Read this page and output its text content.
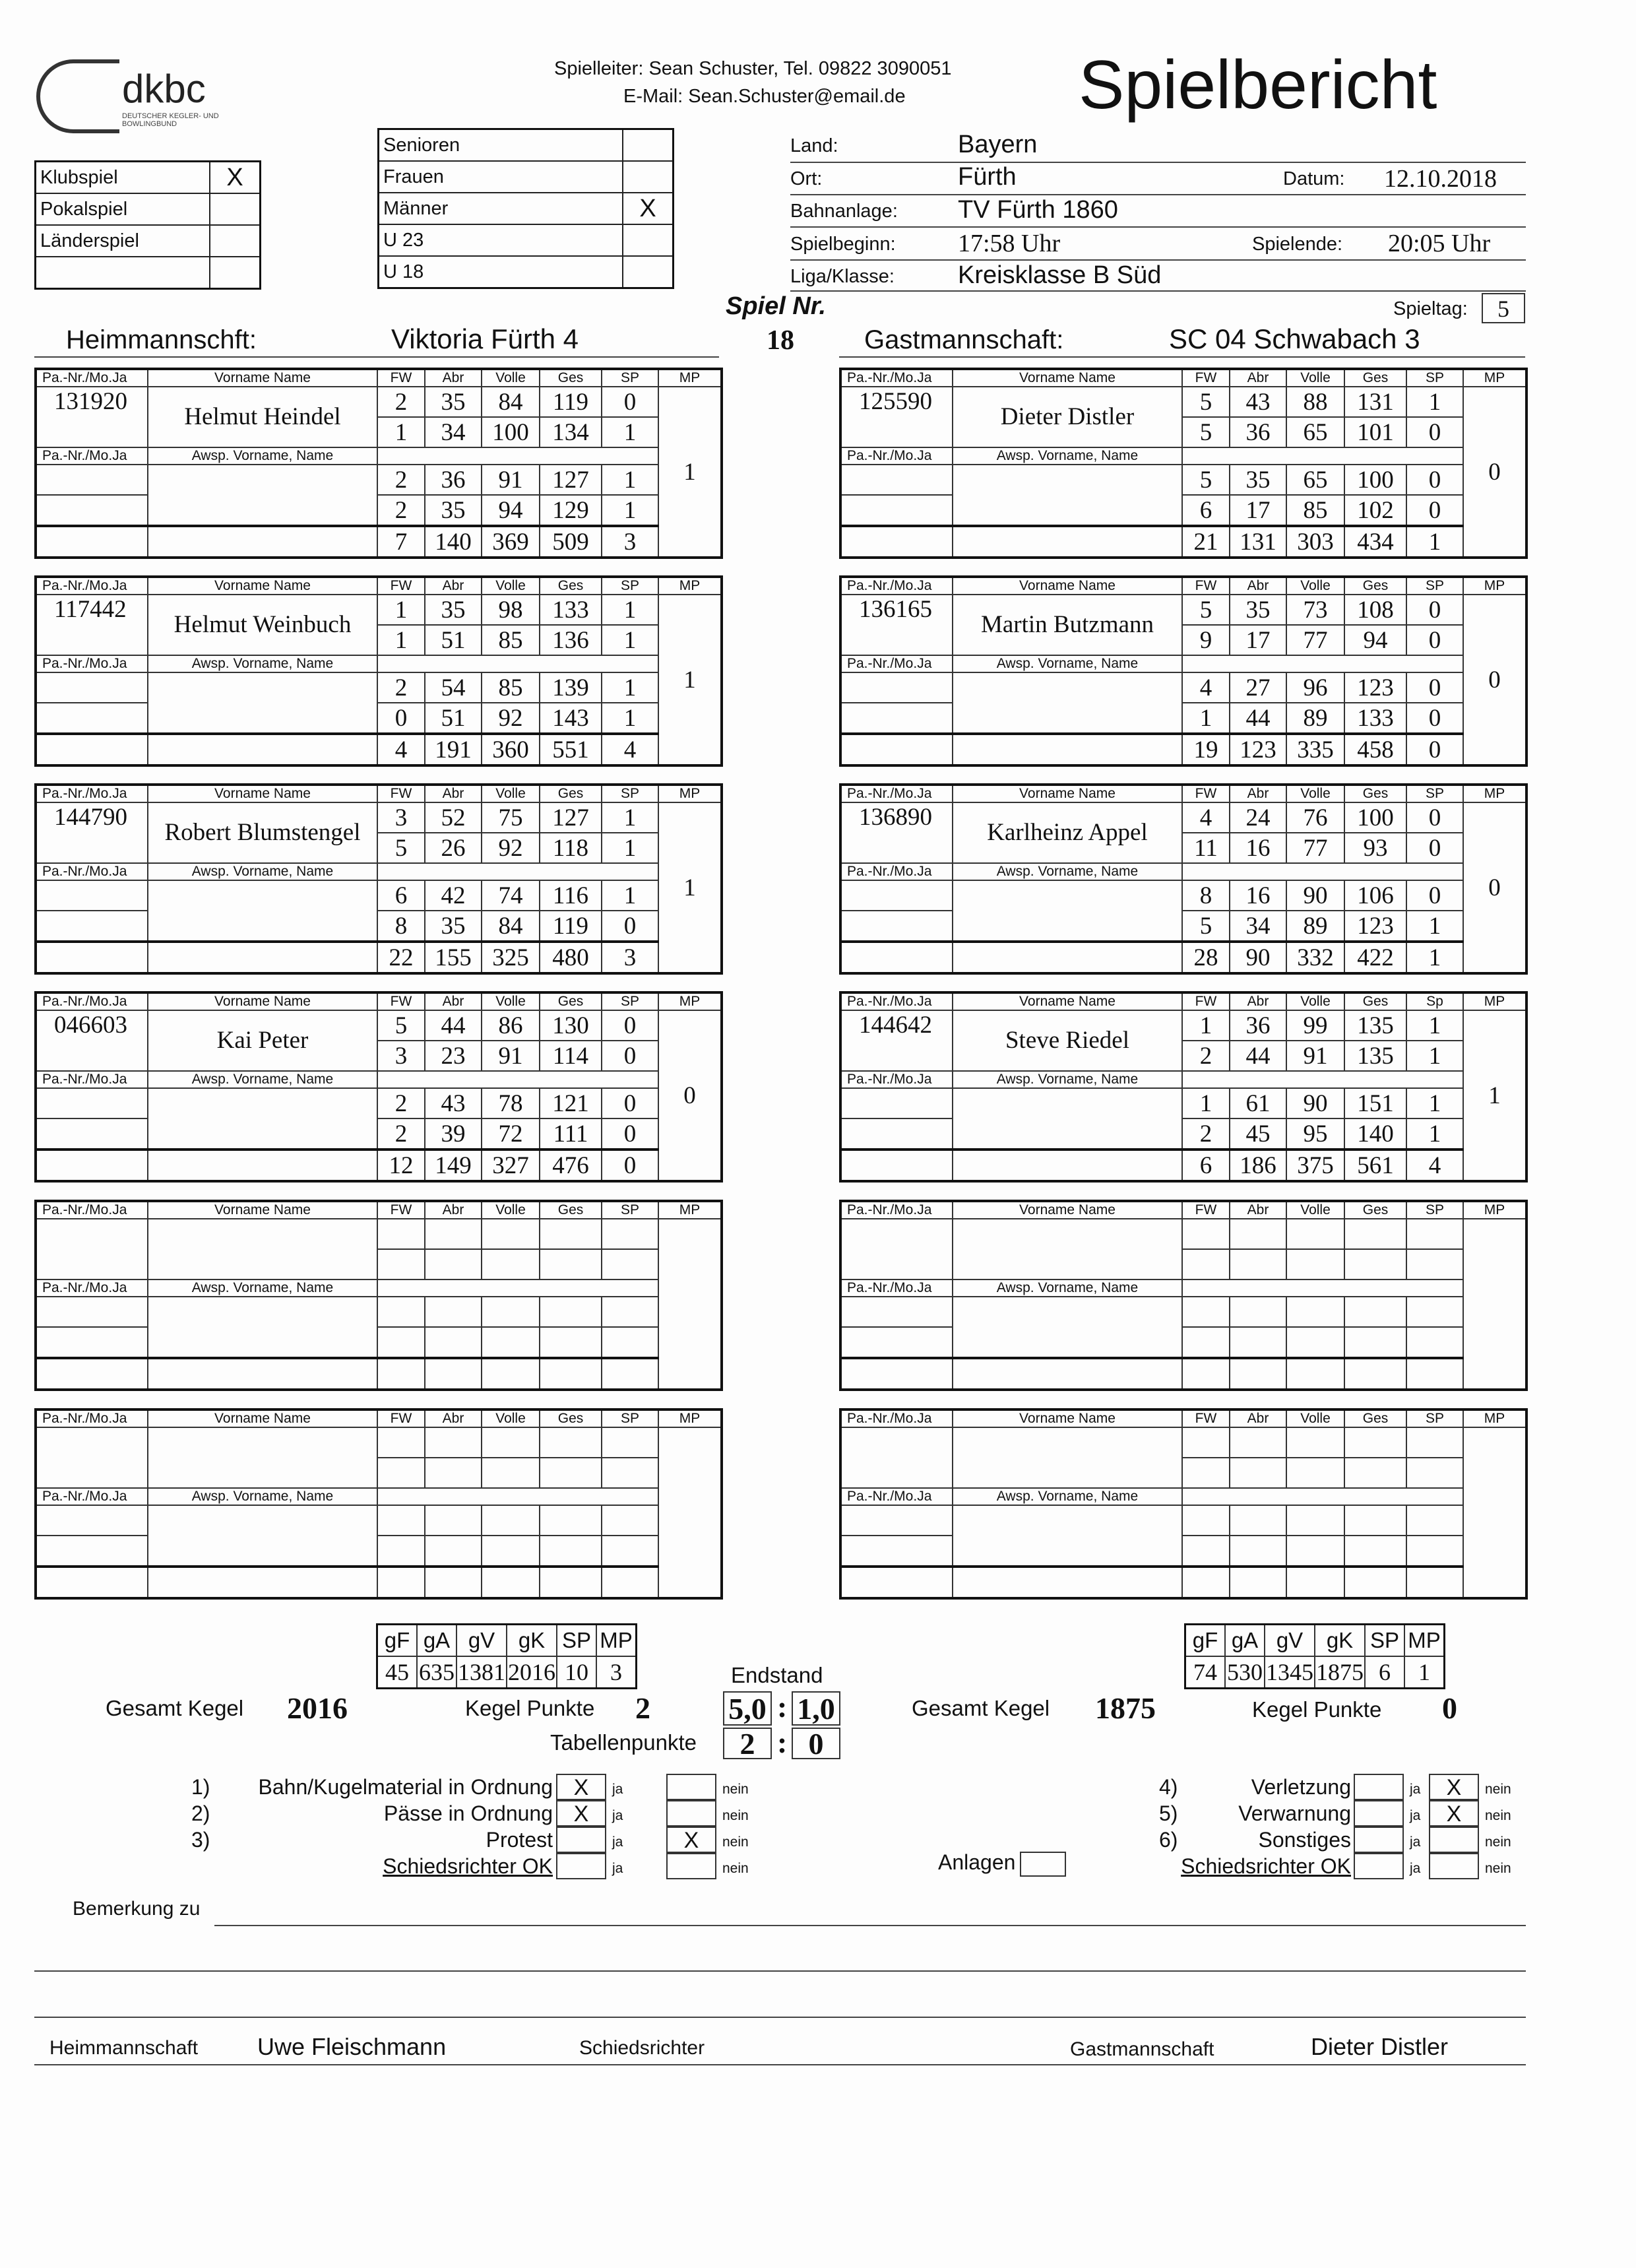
dkbc
DEUTSCHER KEGLER- UND BOWLINGBUND
Spielleiter: Sean Schuster, Tel. 09822 3090051
E-Mail: Sean.Schuster@email.de	Spielbericht
Klubspiel	X
Pokalspiel	
Länderspiel	

Senioren	
Frauen	
Männer	X
U 23	
U 18	
Land:	Bayern
Ort:	Fürth	Datum: 12.10.2018
Bahnanlage: TV Fürth 1860
Spielbeginn: 17:58 Uhr	Spielende: 20:05 Uhr
Liga/Klasse:	Kreisklasse B Süd
Spiel Nr.
18
Spieltag:	5
Heimmannschft:	Viktoria Fürth 4	Gastmannschaft:	SC 04 Schwabach 3
Pa.-Nr./Mo.Ja	Vorname Name	FW	Abr	Volle	Ges	SP	MP
131920	Helmut Heindel	2	35	84	119	0	1
		1	34	100	134	1	
Pa.-Nr./Mo.Ja	Awsp. Vorname, Name						
		2	36	91	127	1	
		2	35	94	129	1	
		7	140	369	509	3	
Pa.-Nr./Mo.Ja	Vorname Name	FW	Abr	Volle	Ges	SP	MP
117442	Helmut Weinbuch	1	35	98	133	1	1
		1	51	85	136	1	
Pa.-Nr./Mo.Ja	Awsp. Vorname, Name						
		2	54	85	139	1	
		0	51	92	143	1	
		4	191	360	551	4	
Pa.-Nr./Mo.Ja	Vorname Name	FW	Abr	Volle	Ges	SP	MP
144790	Robert Blumstengel	3	52	75	127	1	1
		5	26	92	118	1	
Pa.-Nr./Mo.Ja	Awsp. Vorname, Name						
		6	42	74	116	1	
		8	35	84	119	0	
		22	155	325	480	3	
Pa.-Nr./Mo.Ja	Vorname Name	FW	Abr	Volle	Ges	SP	MP
046603	Kai Peter	5	44	86	130	0	0
		3	23	91	114	0	
Pa.-Nr./Mo.Ja	Awsp. Vorname, Name						
		2	43	78	121	0	
		2	39	72	111	0	
		12	149	327	476	0	
Pa.-Nr./Mo.Ja	Vorname Name	FW	Abr	Volle	Ges	SP	MP

Pa.-Nr./Mo.Ja	Awsp. Vorname, Name						

Pa.-Nr./Mo.Ja	Vorname Name	FW	Abr	Volle	Ges	SP	MP

Pa.-Nr./Mo.Ja	Awsp. Vorname, Name						

Pa.-Nr./Mo.Ja	Vorname Name	FW	Abr	Volle	Ges	SP	MP
125590	Dieter Distler	5	43	88	131	1	0
		5	36	65	101	0	
Pa.-Nr./Mo.Ja	Awsp. Vorname, Name						
		5	35	65	100	0	
		6	17	85	102	0	
		21	131	303	434	1	
Pa.-Nr./Mo.Ja	Vorname Name	FW	Abr	Volle	Ges	SP	MP
136165	Martin Butzmann	5	35	73	108	0	0
		9	17	77	94	0	
Pa.-Nr./Mo.Ja	Awsp. Vorname, Name						
		4	27	96	123	0	
		1	44	89	133	0	
		19	123	335	458	0	
Pa.-Nr./Mo.Ja	Vorname Name	FW	Abr	Volle	Ges	SP	MP
136890	Karlheinz Appel	4	24	76	100	0	0
		11	16	77	93	0	
Pa.-Nr./Mo.Ja	Awsp. Vorname, Name						
		8	16	90	106	0	
		5	34	89	123	1	
		28	90	332	422	1	
Pa.-Nr./Mo.Ja	Vorname Name	FW	Abr	Volle	Ges	Sp	MP
144642	Steve Riedel	1	36	99	135	1	1
		2	44	91	135	1	
Pa.-Nr./Mo.Ja	Awsp. Vorname, Name						
		1	61	90	151	1	
		2	45	95	140	1	
		6	186	375	561	4	
Pa.-Nr./Mo.Ja	Vorname Name	FW	Abr	Volle	Ges	SP	MP

Pa.-Nr./Mo.Ja	Awsp. Vorname, Name						

Pa.-Nr./Mo.Ja	Vorname Name	FW	Abr	Volle	Ges	SP	MP

Pa.-Nr./Mo.Ja	Awsp. Vorname, Name						

gF	gA	gV	gK	SP	MP
45	635	1381	2016	10	3
gF	gA	gV	gK	SP	MP
74	530	1345	1875	6	1
Gesamt Kegel 2016	Kegel Punkte 2
Endstand
5,0 : 1,0
Tabellenpunkte	2 : 0
Gesamt Kegel 1875	Kegel Punkte 0
1) Bahn/Kugelmaterial in Ordnung X	ja	nein
2)	Pässe in Ordnung X	ja	nein
3)	Protest	ja	X	nein
Schiedsrichter OK	ja	nein
4)	Verletzung	ja	X	nein
5)	Verwarnung	ja	X	nein
6)	Sonstiges	ja	nein
Schiedsrichter OK	ja	nein
Anlagen
Bemerkung zu
Heimmannschaft Uwe Fleischmann	Schiedsrichter	Gastmannschaft	Dieter Distler
